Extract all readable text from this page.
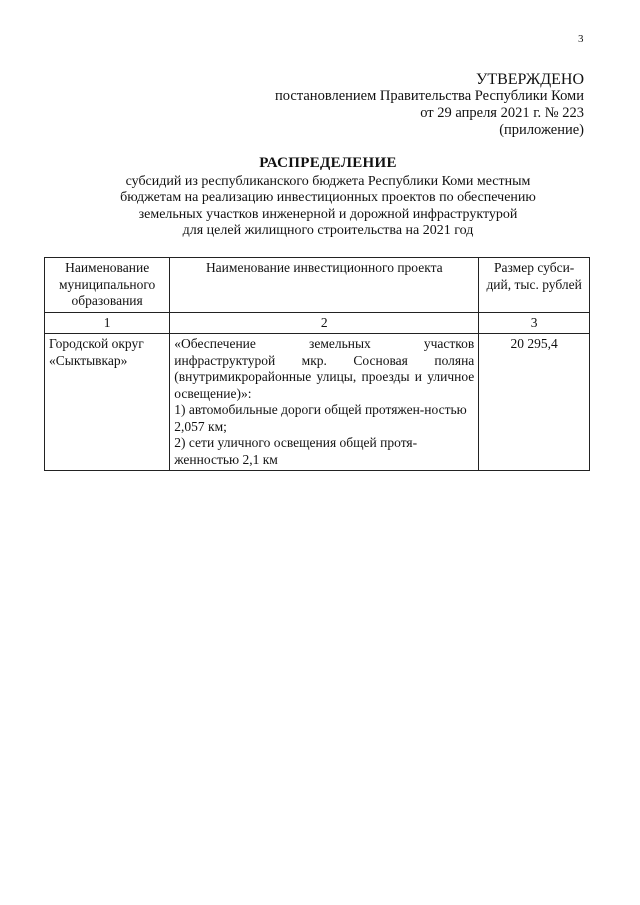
3
УТВЕРЖДЕНО
постановлением Правительства Республики Коми
от 29 апреля 2021 г. № 223
(приложение)
РАСПРЕДЕЛЕНИЕ
субсидий из республиканского бюджета Республики Коми местным
бюджетам на реализацию инвестиционных проектов по обеспечению
земельных участков инженерной и дорожной инфраструктурой
для целей жилищного строительства на 2021 год
Наименование муниципального образования	Наименование инвестиционного проекта	Размер субси-дий, тыс. рублей
1	2	3
Городской округ «Сыктывкар»	«Обеспечение земельных участков инфраструктурой мкр. Сосновая поляна (внутримикрорайонные улицы, проезды и уличное освещение)»:
1) автомобильные дороги общей протяжен-ностью 2,057 км;
2) сети уличного освещения общей протя-женностью 2,1 км	20 295,4
